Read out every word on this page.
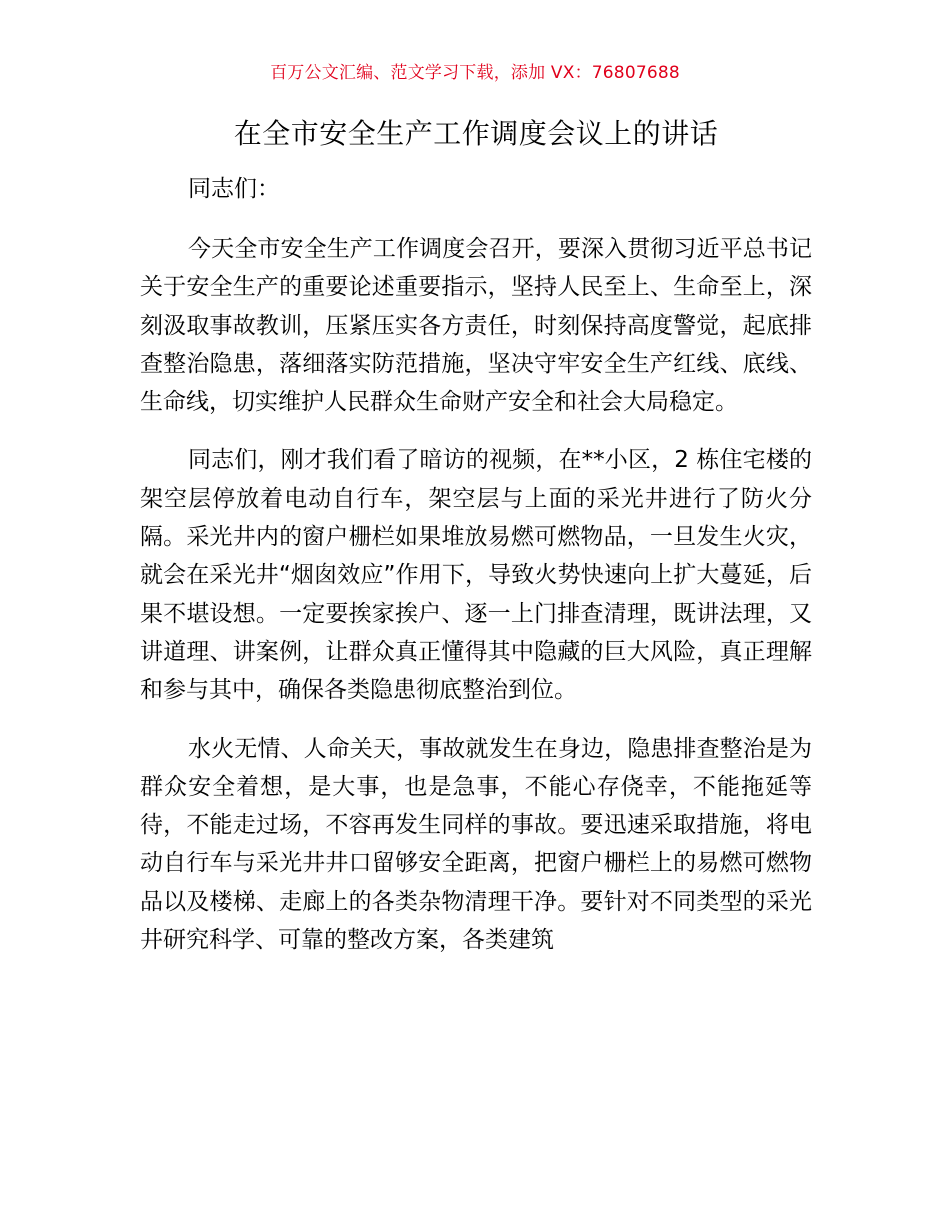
百万公文汇编、范文学习下载，添加 VX：76807688
在全市安全生产工作调度会议上的讲话

同志们：

今天全市安全生产工作调度会召开，要深入贯彻习近平总书记关于安全生产的重要论述重要指示，坚持人民至上、生命至上，深刻汲取事故教训，压紧压实各方责任，时刻保持高度警觉，起底排查整治隐患，落细落实防范措施，坚决守牢安全生产红线、底线、生命线，切实维护人民群众生命财产安全和社会大局稳定。

同志们，刚才我们看了暗访的视频，在**小区，2 栋住宅楼的架空层停放着电动自行车，架空层与上面的采光井进行了防火分隔。采光井内的窗户栅栏如果堆放易燃可燃物品，一旦发生火灾，就会在采光井“烟囱效应”作用下，导致火势快速向上扩大蔓延，后果不堪设想。一定要挨家挨户、逐一上门排查清理，既讲法理，又讲道理、讲案例，让群众真正懂得其中隐藏的巨大风险，真正理解和参与其中，确保各类隐患彻底整治到位。

水火无情、人命关天，事故就发生在身边，隐患排查整治是为群众安全着想，是大事，也是急事，不能心存侥幸，不能拖延等待，不能走过场，不容再发生同样的事故。要迅速采取措施，将电动自行车与采光井井口留够安全距离，把窗户栅栏上的易燃可燃物品以及楼梯、走廊上的各类杂物清理干净。要针对不同类型的采光井研究科学、可靠的整改方案，各类建筑
